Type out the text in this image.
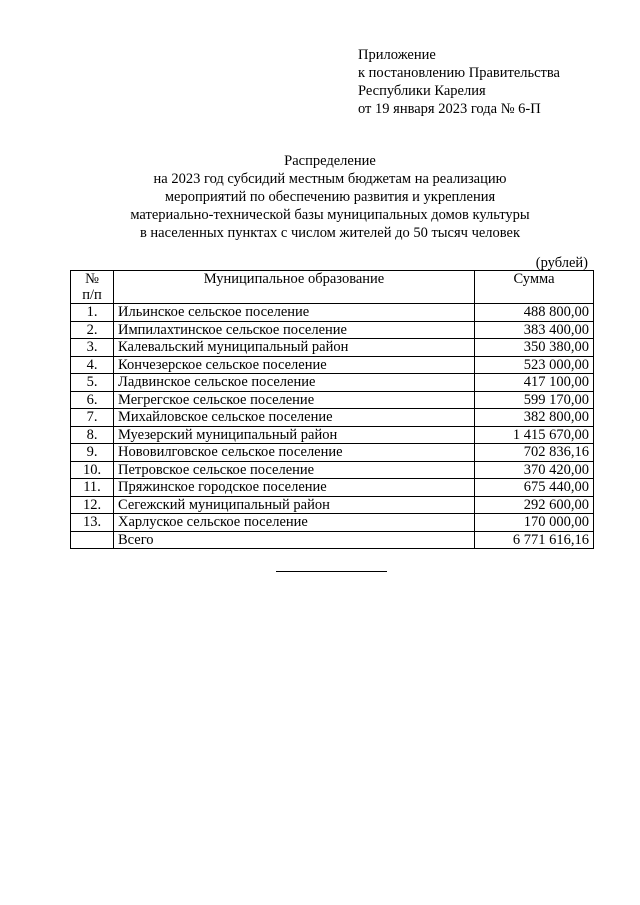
Приложение
к постановлению Правительства
Республики Карелия
от 19 января 2023 года № 6-П
Распределение
на 2023 год субсидий местным бюджетам на реализацию
мероприятий по обеспечению развития и укрепления
материально-технической базы муниципальных домов культуры
в населенных пунктах с числом жителей до 50 тысяч человек
(рублей)
№
п/п	Муниципальное образование	Сумма
1.	Ильинское сельское поселение	488 800,00
2.	Импилахтинское сельское поселение	383 400,00
3.	Калевальский муниципальный район	350 380,00
4.	Кончезерское сельское поселение	523 000,00
5.	Ладвинское сельское поселение	417 100,00
6.	Мегрегское сельское поселение	599 170,00
7.	Михайловское сельское поселение	382 800,00
8.	Муезерский муниципальный район	1 415 670,00
9.	Нововилговское сельское поселение	702 836,16
10.	Петровское сельское поселение	370 420,00
11.	Пряжинское городское поселение	675 440,00
12.	Сегежский муниципальный район	292 600,00
13.	Харлуское сельское поселение	170 000,00
	Всего	6 771 616,16
